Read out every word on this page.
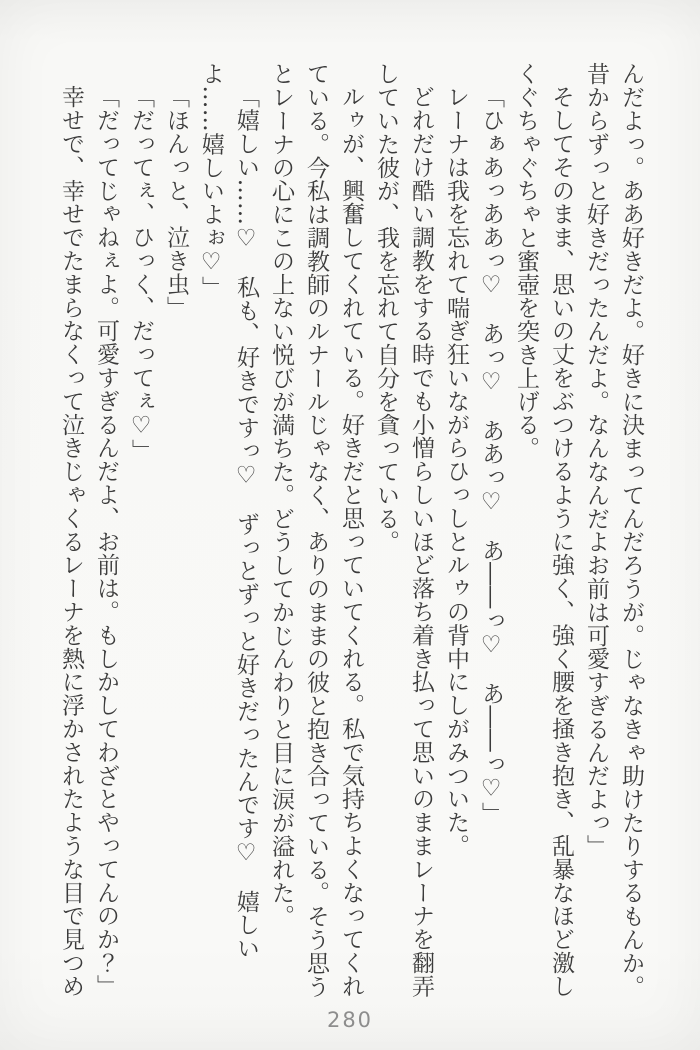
んだよっ。ああ好きだよ。好きに決まってんだろうが。じゃなきゃ助けたりするもんか。昔からずっと好きだったんだよ。なんなんだよお前は可愛すぎるんだよっ」

そしてそのまま、思いの丈をぶつけるように強く、強く腰を掻き抱き、乱暴なほど激しくぐちゃぐちゃと蜜壺を突き上げる。

「ひぁあっああっ♡　あっ♡　ああっ♡　あ――っ♡　あ――っ♡」

レーナは我を忘れて喘ぎ狂いながらひっしとルゥの背中にしがみついた。

どれだけ酷い調教をする時でも小憎らしいほど落ち着き払って思いのままレーナを翻弄していた彼が、我を忘れて自分を貪っている。

ルゥが、興奮してくれている。好きだと思っていてくれる。私で気持ちよくなってくれている。今私は調教師のルナールじゃなく、ありのままの彼と抱き合っている。そう思うとレーナの心にこの上ない悦びが満ちた。どうしてかじんわりと目に涙が溢れた。

「嬉しい……♡　私も、好きですっ♡　ずっとずっと好きだったんです♡　嬉しいよ……嬉しいよぉ♡」

「ほんっと、泣き虫」

「だってぇ、ひっく、だってぇ♡」

「だってじゃねぇよ。可愛すぎるんだよ、お前は。もしかしてわざとやってんのか？」

幸せで、幸せでたまらなくって泣きじゃくるレーナを熱に浮かされたような目で見つめ

280
